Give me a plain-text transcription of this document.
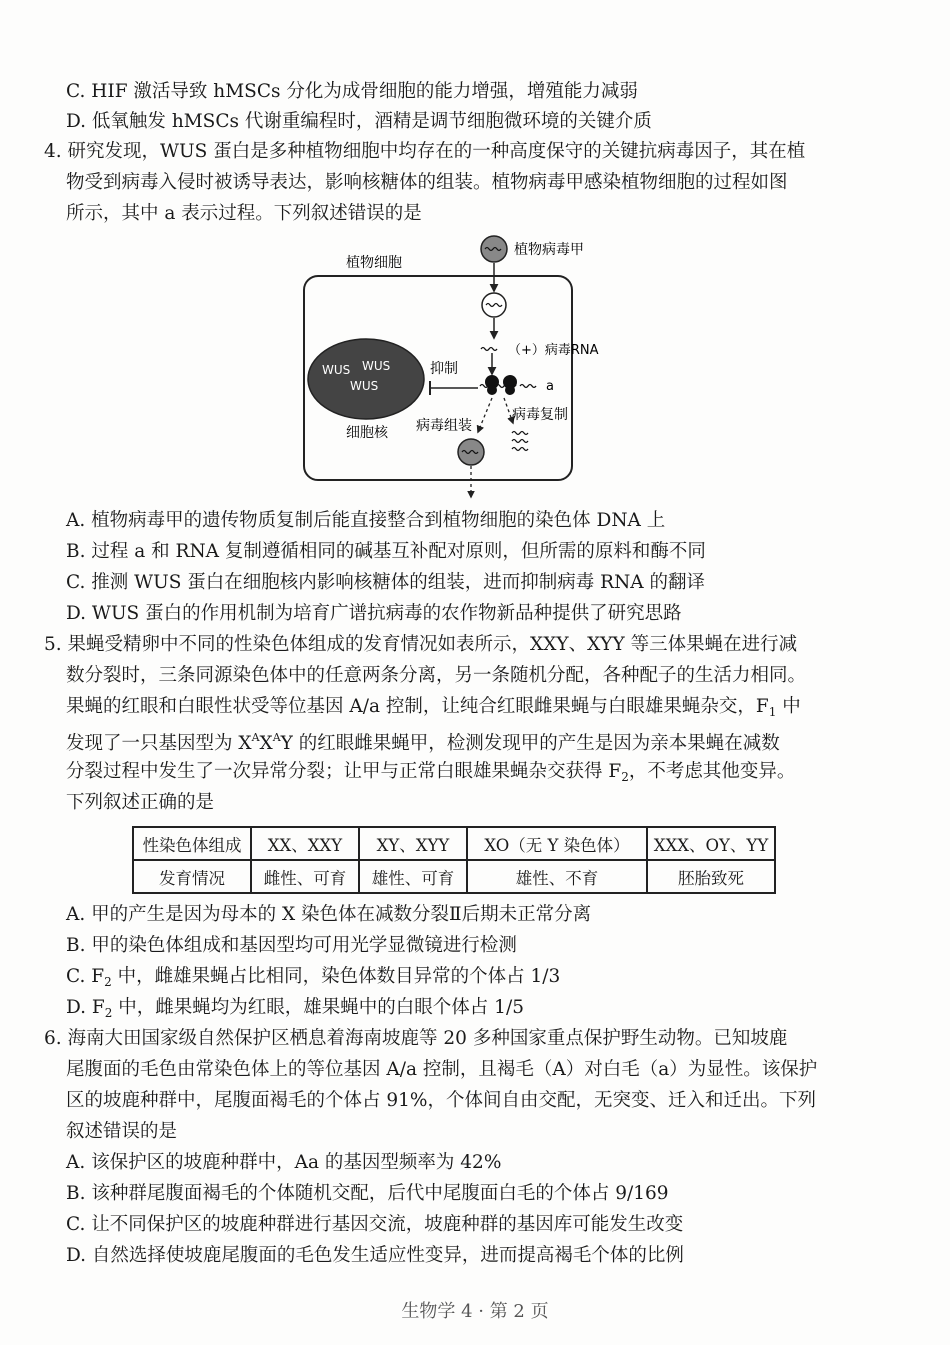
C. HIF 激活导致 hMSCs 分化为成骨细胞的能力增强，增殖能力减弱
D. 低氧触发 hMSCs 代谢重编程时，酒精是调节细胞微环境的关键介质
4. 研究发现，WUS 蛋白是多种植物细胞中均存在的一种高度保守的关键抗病毒因子，其在植
物受到病毒入侵时被诱导表达，影响核糖体的组装。植物病毒甲感染植物细胞的过程如图
所示，其中 a 表示过程。下列叙述错误的是
植物细胞
植物病毒甲
（+）病毒RNA
WUS WUS
WUS
细胞核
抑制
a
病毒复制
病毒组装
A. 植物病毒甲的遗传物质复制后能直接整合到植物细胞的染色体 DNA 上
B. 过程 a 和 RNA 复制遵循相同的碱基互补配对原则，但所需的原料和酶不同
C. 推测 WUS 蛋白在细胞核内影响核糖体的组装，进而抑制病毒 RNA 的翻译
D. WUS 蛋白的作用机制为培育广谱抗病毒的农作物新品种提供了研究思路
5. 果蝇受精卵中不同的性染色体组成的发育情况如表所示，XXY、XYY 等三体果蝇在进行减
数分裂时，三条同源染色体中的任意两条分离，另一条随机分配，各种配子的生活力相同。
果蝇的红眼和白眼性状受等位基因 A/a 控制，让纯合红眼雌果蝇与白眼雄果蝇杂交，$F_1$ 中
发现了一只基因型为 $X^AX^AY$ 的红眼雌果蝇甲，检测发现甲的产生是因为亲本果蝇在减数
分裂过程中发生了一次异常分裂；让甲与正常白眼雄果蝇杂交获得 $F_2$，不考虑其他变异。
下列叙述正确的是
性染色体组成	XX、XXY	XY、XYY	XO（无 Y 染色体）	XXX、OY、YY
发育情况	雌性、可育	雄性、可育	雄性、不育	胚胎致死
A. 甲的产生是因为母本的 X 染色体在减数分裂Ⅱ后期未正常分离
B. 甲的染色体组成和基因型均可用光学显微镜进行检测
C. $F_2$ 中，雌雄果蝇占比相同，染色体数目异常的个体占 1/3
D. $F_2$ 中，雌果蝇均为红眼，雄果蝇中的白眼个体占 1/5
6. 海南大田国家级自然保护区栖息着海南坡鹿等 20 多种国家重点保护野生动物。已知坡鹿
尾腹面的毛色由常染色体上的等位基因 A/a 控制，且褐毛（A）对白毛（a）为显性。该保护
区的坡鹿种群中，尾腹面褐毛的个体占 91%，个体间自由交配，无突变、迁入和迁出。下列
叙述错误的是
A. 该保护区的坡鹿种群中，Aa 的基因型频率为 42%
B. 该种群尾腹面褐毛的个体随机交配，后代中尾腹面白毛的个体占 9/169
C. 让不同保护区的坡鹿种群进行基因交流，坡鹿种群的基因库可能发生改变
D. 自然选择使坡鹿尾腹面的毛色发生适应性变异，进而提高褐毛个体的比例
生物学 4 · 第 2 页
